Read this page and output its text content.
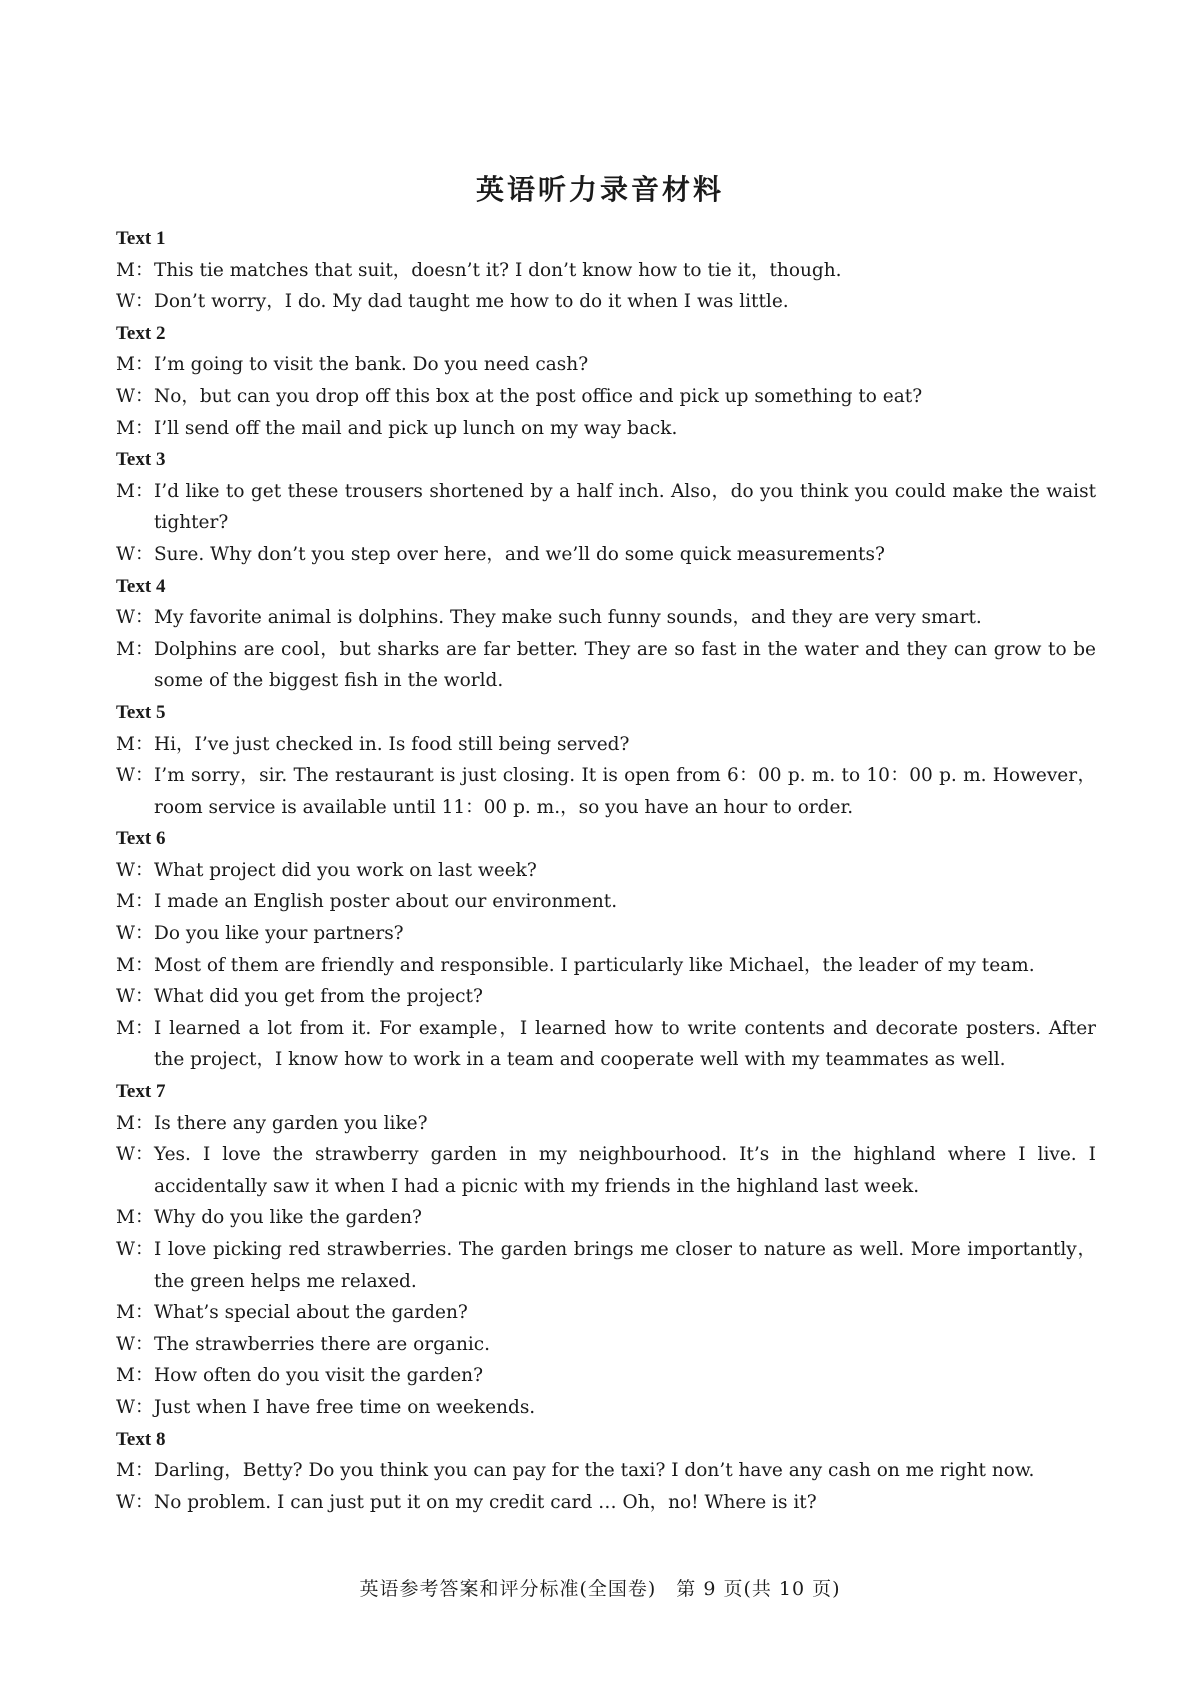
英语听力录音材料
Text 1
M： This tie matches that suit，doesn’t it? I don’t know how to tie it，though.
W： Don’t worry，I do. My dad taught me how to do it when I was little.
Text 2
M： I’m going to visit the bank. Do you need cash?
W： No，but can you drop off this box at the post office and pick up something to eat?
M： I’ll send off the mail and pick up lunch on my way back.
Text 3
M： I’d like to get these trousers shortened by a half inch. Also，do you think you could make the waist tighter?
W： Sure. Why don’t you step over here，and we’ll do some quick measurements?
Text 4
W： My favorite animal is dolphins. They make such funny sounds，and they are very smart.
M： Dolphins are cool，but sharks are far better. They are so fast in the water and they can grow to be some of the biggest fish in the world.
Text 5
M： Hi，I’ve just checked in. Is food still being served?
W： I’m sorry，sir. The restaurant is just closing. It is open from 6：00 p. m. to 10：00 p. m. However，room service is available until 11：00 p. m.，so you have an hour to order.
Text 6
W： What project did you work on last week?
M： I made an English poster about our environment.
W： Do you like your partners?
M： Most of them are friendly and responsible. I particularly like Michael，the leader of my team.
W： What did you get from the project?
M： I learned a lot from it. For example，I learned how to write contents and decorate posters. After the project，I know how to work in a team and cooperate well with my teammates as well.
Text 7
M： Is there any garden you like?
W： Yes. I love the strawberry garden in my neighbourhood. It’s in the highland where I live. I accidentally saw it when I had a picnic with my friends in the highland last week.
M： Why do you like the garden?
W： I love picking red strawberries. The garden brings me closer to nature as well. More importantly，the green helps me relaxed.
M： What’s special about the garden?
W： The strawberries there are organic.
M： How often do you visit the garden?
W： Just when I have free time on weekends.
Text 8
M： Darling，Betty? Do you think you can pay for the taxi? I don’t have any cash on me right now.
W： No problem. I can just put it on my credit card … Oh，no! Where is it?
英语参考答案和评分标准(全国卷)　第 9 页(共 10 页)
